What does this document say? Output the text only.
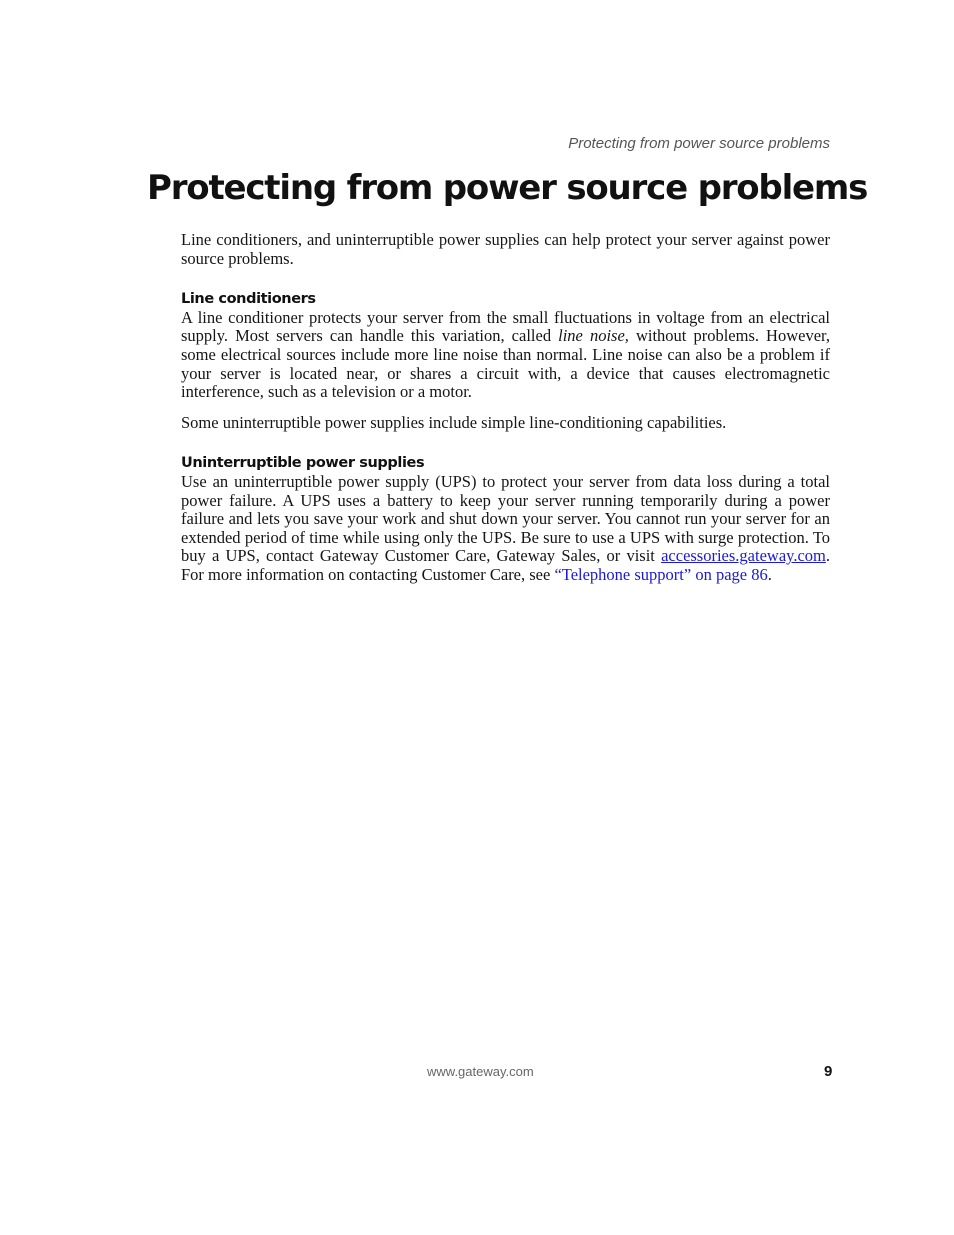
Protecting from power source problems
Protecting from power source problems

Line conditioners, and uninterruptible power supplies can help protect your server against power source problems.

Line conditioners

A line conditioner protects your server from the small fluctuations in voltage from an electrical supply. Most servers can handle this variation, called line noise, without problems. However, some electrical sources include more line noise than normal. Line noise can also be a problem if your server is located near, or shares a circuit with, a device that causes electromagnetic interference, such as a television or a motor.

Some uninterruptible power supplies include simple line-conditioning capabilities.

Uninterruptible power supplies

Use an uninterruptible power supply (UPS) to protect your server from data loss during a total power failure. A UPS uses a battery to keep your server running temporarily during a power failure and lets you save your work and shut down your server. You cannot run your server for an extended period of time while using only the UPS. Be sure to use a UPS with surge protection. To buy a UPS, contact Gateway Customer Care, Gateway Sales, or visit accessories.gateway.com. For more information on contacting Customer Care, see “Telephone support” on page 86.

www.gateway.com	9
